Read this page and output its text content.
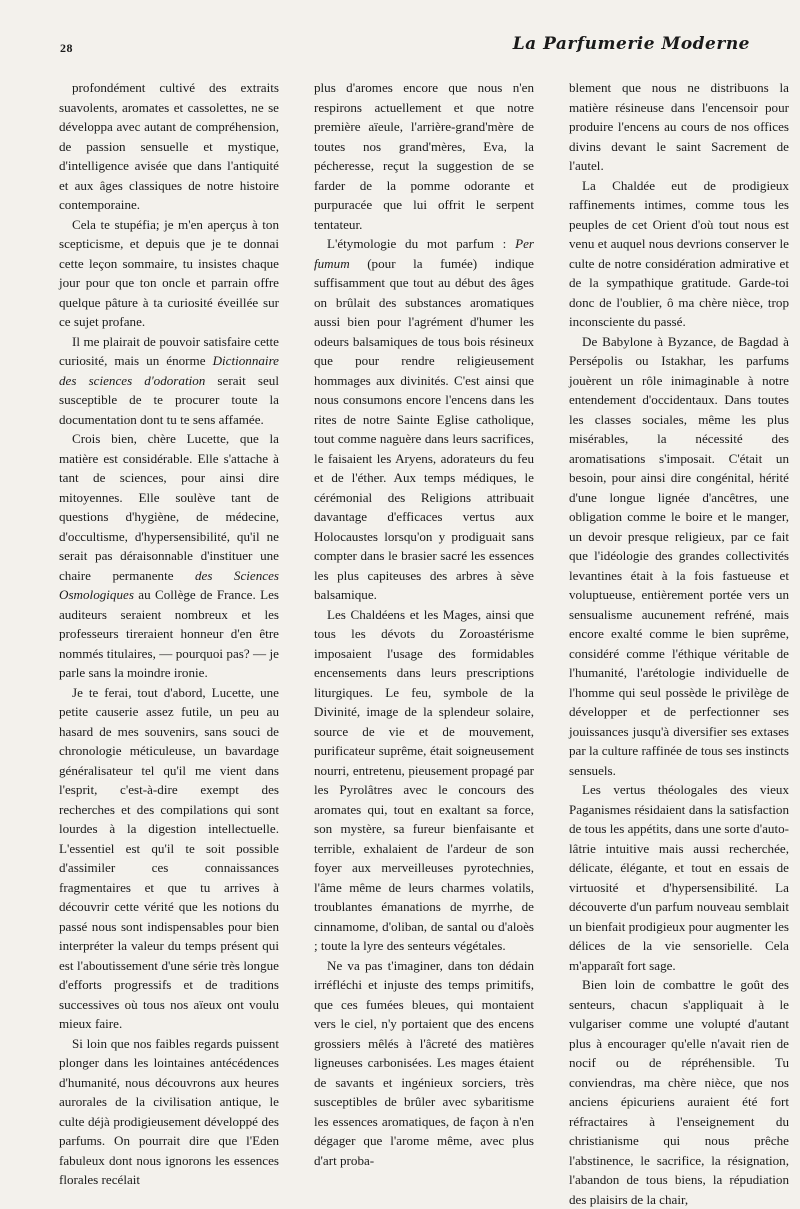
28	La Parfumerie Moderne

profondément cultivé des extraits suavolents, aromates et cassolettes, ne se développa avec autant de compréhension, de passion sensuelle et mystique, d'intelligence avisée que dans l'antiquité et aux âges classiques de notre histoire contemporaine.

Cela te stupéfia; je m'en aperçus à ton scepticisme, et depuis que je te donnai cette leçon sommaire, tu insistes chaque jour pour que ton oncle et parrain offre quelque pâture à ta curiosité éveillée sur ce sujet profane.

Il me plairait de pouvoir satisfaire cette curiosité, mais un énorme Dictionnaire des sciences d'odoration serait seul susceptible de te procurer toute la documentation dont tu te sens affamée.

Crois bien, chère Lucette, que la matière est considérable. Elle s'attache à tant de sciences, pour ainsi dire mitoyennes. Elle soulève tant de questions d'hygiène, de médecine, d'occultisme, d'hypersensibilité, qu'il ne serait pas déraisonnable d'instituer une chaire permanente des Sciences Osmologiques au Collège de France. Les auditeurs seraient nombreux et les professeurs tireraient honneur d'en être nommés titulaires, — pourquoi pas? — je parle sans la moindre ironie.

Je te ferai, tout d'abord, Lucette, une petite causerie assez futile, un peu au hasard de mes souvenirs, sans souci de chronologie méticuleuse, un bavardage généralisateur tel qu'il me vient dans l'esprit, c'est-à-dire exempt des recherches et des compilations qui sont lourdes à la digestion intellectuelle. L'essentiel est qu'il te soit possible d'assimiler ces connaissances fragmentaires et que tu arrives à découvrir cette vérité que les notions du passé nous sont indispensables pour bien interpréter la valeur du temps présent qui est l'aboutissement d'une série très longue d'efforts progressifs et de traditions successives où tous nos aïeux ont voulu mieux faire.

Si loin que nos faibles regards puissent plonger dans les lointaines antécédences d'humanité, nous découvrons aux heures aurorales de la civilisation antique, le culte déjà prodigieusement développé des parfums. On pourrait dire que l'Eden fabuleux dont nous ignorons les essences florales recélait

plus d'aromes encore que nous n'en respirons actuellement et que notre première aïeule, l'arrière-grand'mère de toutes nos grand'mères, Eva, la pécheresse, reçut la suggestion de se farder de la pomme odorante et purpuracée que lui offrit le serpent tentateur.

L'étymologie du mot parfum : Per fumum (pour la fumée) indique suffisamment que tout au début des âges on brûlait des substances aromatiques aussi bien pour l'agrément d'humer les odeurs balsamiques de tous bois résineux que pour rendre religieusement hommages aux divinités. C'est ainsi que nous consumons encore l'encens dans les rites de notre Sainte Eglise catholique, tout comme naguère dans leurs sacrifices, le faisaient les Aryens, adorateurs du feu et de l'éther. Aux temps médiques, le cérémonial des Religions attribuait davantage d'efficaces vertus aux Holocaustes lorsqu'on y prodiguait sans compter dans le brasier sacré les essences les plus capiteuses des arbres à sève balsamique.

Les Chaldéens et les Mages, ainsi que tous les dévots du Zoroastérisme imposaient l'usage des formidables encensements dans leurs prescriptions liturgiques. Le feu, symbole de la Divinité, image de la splendeur solaire, source de vie et de mouvement, purificateur suprême, était soigneusement nourri, entretenu, pieusement propagé par les Pyrolâtres avec le concours des aromates qui, tout en exaltant sa force, son mystère, sa fureur bienfaisante et terrible, exhalaient de l'ardeur de son foyer aux merveilleuses pyrotechnies, l'âme même de leurs charmes volatils, troublantes émanations de myrrhe, de cinnamome, d'oliban, de santal ou d'aloès ; toute la lyre des senteurs végétales.

Ne va pas t'imaginer, dans ton dédain irréfléchi et injuste des temps primitifs, que ces fumées bleues, qui montaient vers le ciel, n'y portaient que des encens grossiers mêlés à l'âcreté des matières ligneuses carbonisées. Les mages étaient de savants et ingénieux sorciers, très susceptibles de brûler avec sybaritisme les essences aromatiques, de façon à n'en dégager que l'arome même, avec plus d'art proba-

blement que nous ne distribuons la matière résineuse dans l'encensoir pour produire l'encens au cours de nos offices divins devant le saint Sacrement de l'autel.

La Chaldée eut de prodigieux raffinements intimes, comme tous les peuples de cet Orient d'où tout nous est venu et auquel nous devrions conserver le culte de notre considération admirative et de la sympathique gratitude. Garde-toi donc de l'oublier, ô ma chère nièce, trop inconsciente du passé.

De Babylone à Byzance, de Bagdad à Persépolis ou Istakhar, les parfums jouèrent un rôle inimaginable à notre entendement d'occidentaux. Dans toutes les classes sociales, même les plus misérables, la nécessité des aromatisations s'imposait. C'était un besoin, pour ainsi dire congénital, hérité d'une longue lignée d'ancêtres, une obligation comme le boire et le manger, un devoir presque religieux, par ce fait que l'idéologie des grandes collectivités levantines était à la fois fastueuse et voluptueuse, entièrement portée vers un sensualisme aucunement refréné, mais encore exalté comme le bien suprême, considéré comme l'éthique véritable de l'humanité, l'arétologie individuelle de l'homme qui seul possède le privilège de développer et de perfectionner ses jouissances jusqu'à diversifier ses extases par la culture raffinée de tous ses instincts sensuels.

Les vertus théologales des vieux Paganismes résidaient dans la satisfaction de tous les appétits, dans une sorte d'auto-lâtrie intuitive mais aussi recherchée, délicate, élégante, et tout en essais de virtuosité et d'hypersensibilité. La découverte d'un parfum nouveau semblait un bienfait prodigieux pour augmenter les délices de la vie sensorielle. Cela m'apparaît fort sage.

Bien loin de combattre le goût des senteurs, chacun s'appliquait à le vulgariser comme une volupté d'autant plus à encourager qu'elle n'avait rien de nocif ou de répréhensible. Tu conviendras, ma chère nièce, que nos anciens épicuriens auraient été fort réfractaires à l'enseignement du christianisme qui nous prêche l'abstinence, le sacrifice, la résignation, l'abandon de tous biens, la répudiation des plaisirs de la chair,
